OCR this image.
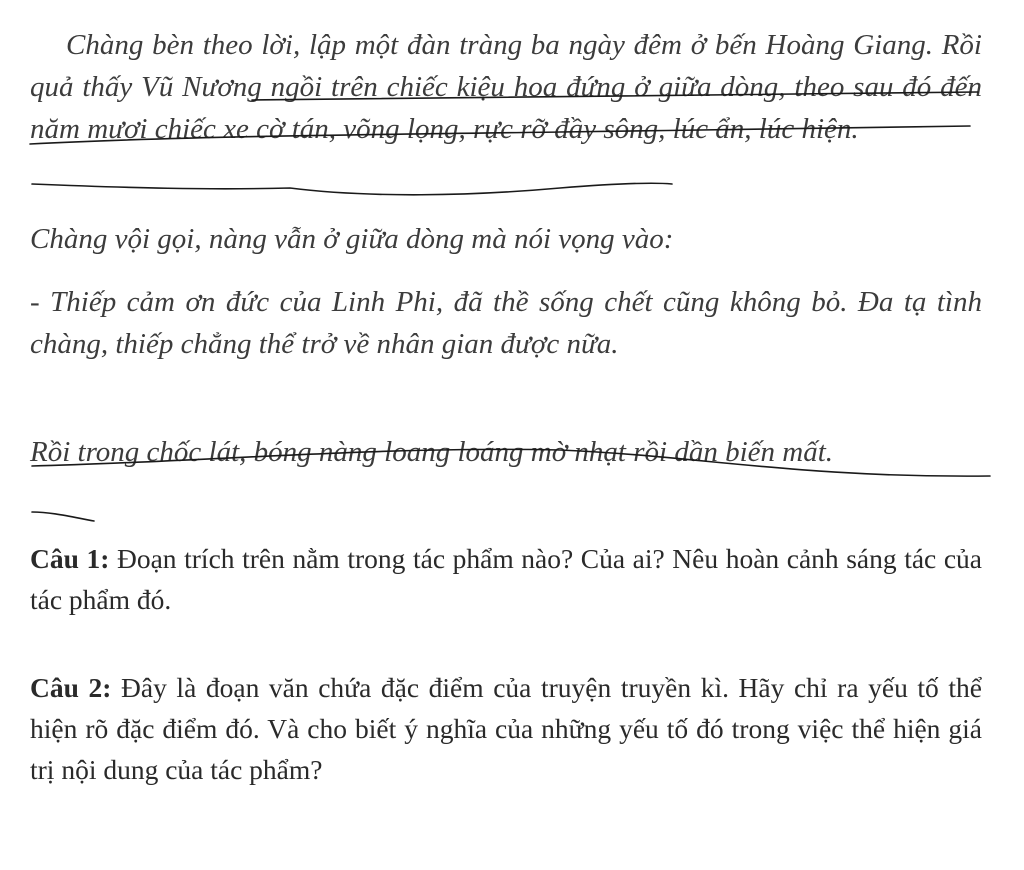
Chàng bèn theo lời, lập một đàn tràng ba ngày đêm ở bến Hoàng Giang. Rồi quả thấy Vũ Nương ngồi trên chiếc kiệu hoa đứng ở giữa dòng, theo sau đó đến năm mươi chiếc xe cờ tán, võng lọng, rực rỡ đầy sông, lúc ẩn, lúc hiện.

Chàng vội gọi, nàng vẫn ở giữa dòng mà nói vọng vào:

- Thiếp cảm ơn đức của Linh Phi, đã thề sống chết cũng không bỏ. Đa tạ tình chàng, thiếp chẳng thể trở về nhân gian được nữa.

Rồi trong chốc lát, bóng nàng loang loáng mờ nhạt rồi dần biến mất.

Câu 1: Đoạn trích trên nằm trong tác phẩm nào? Của ai? Nêu hoàn cảnh sáng tác của tác phẩm đó.

Câu 2: Đây là đoạn văn chứa đặc điểm của truyện truyền kì. Hãy chỉ ra yếu tố thể hiện rõ đặc điểm đó. Và cho biết ý nghĩa của những yếu tố đó trong việc thể hiện giá trị nội dung của tác phẩm?
